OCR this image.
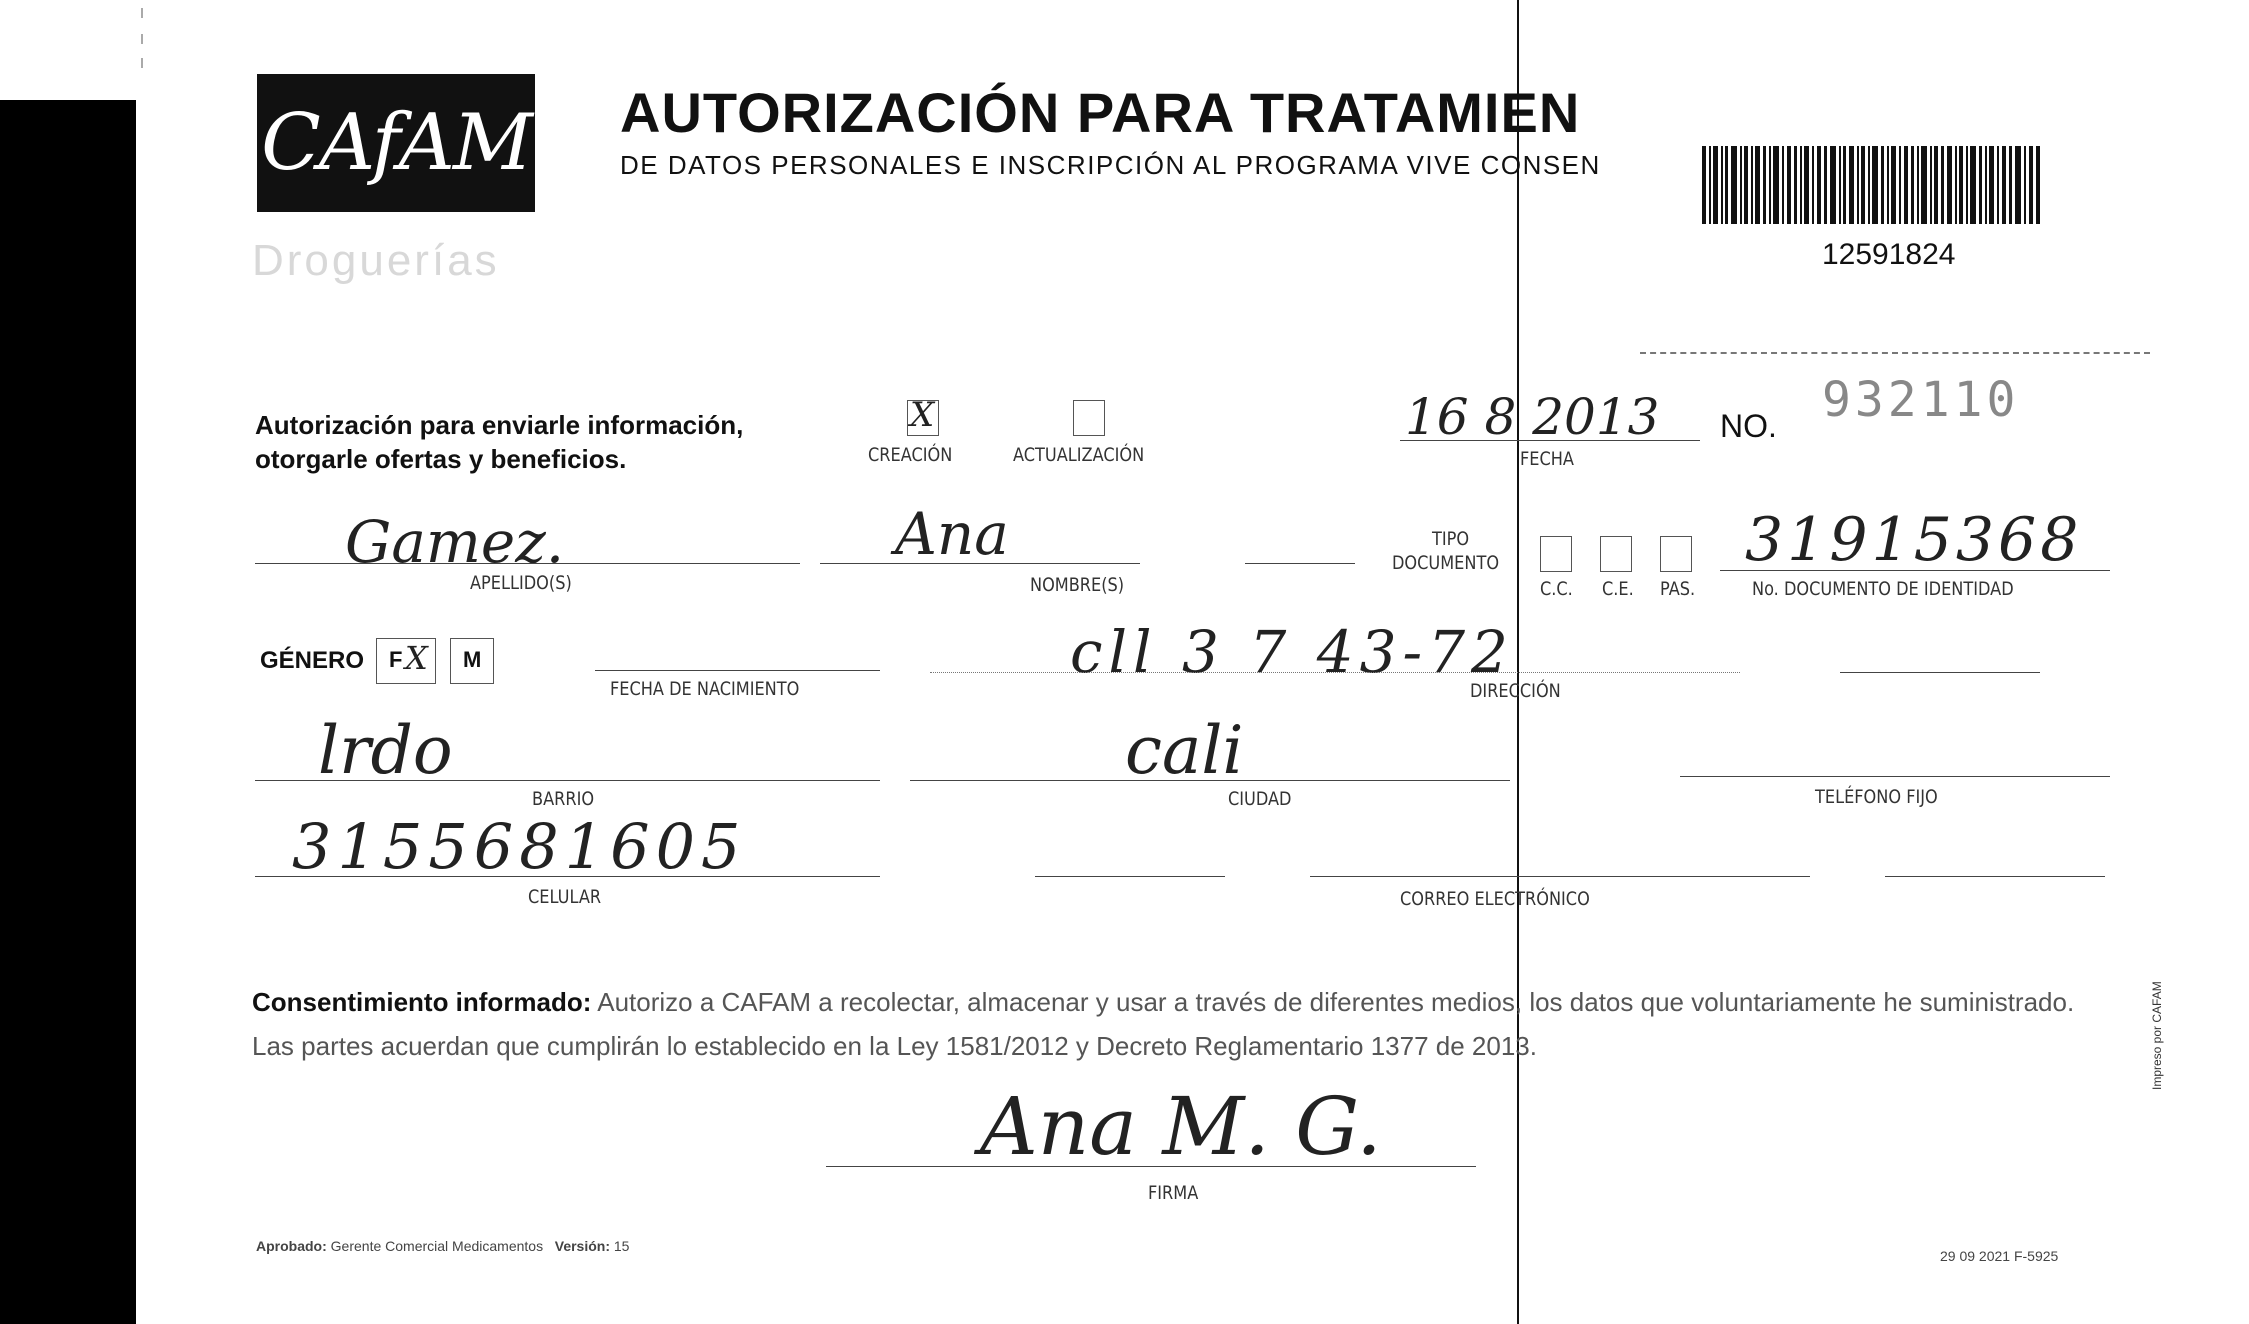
CAfAM
Droguerías
AUTORIZACIÓN PARA TRATAMIEN
DE DATOS PERSONALES E INSCRIPCIÓN AL PROGRAMA VIVE CONSEN
12591824
Autorización para enviarle información,
otorgarle ofertas y beneficios.
X
CREACIÓN	ACTUALIZACIÓN
16 8 2013
FECHA
NO. 932110
Gamez.
APELLIDO(S)
Ana
NOMBRE(S)
TIPO
DOCUMENTO
C.C. C.E. PAS.
31915368
No. DOCUMENTO DE IDENTIDAD
GÉNERO F X M
FECHA DE NACIMIENTO
cll 3 7 43-72
DIRECCIÓN
lrdo
BARRIO
cali
CIUDAD	TELÉFONO FIJO
3155681605
CELULAR	CORREO ELECTRÓNICO
Consentimiento informado: Autorizo a CAFAM a recolectar, almacenar y usar a través de diferentes medios, los datos que voluntariamente he suministrado.
Las partes acuerdan que cumplirán lo establecido en la Ley 1581/2012 y Decreto Reglamentario 1377 de 2013.
Ana M. G.
FIRMA
Aprobado: Gerente Comercial Medicamentos Versión: 15
29 09 2021 F-5925
Impreso por CAFAM
